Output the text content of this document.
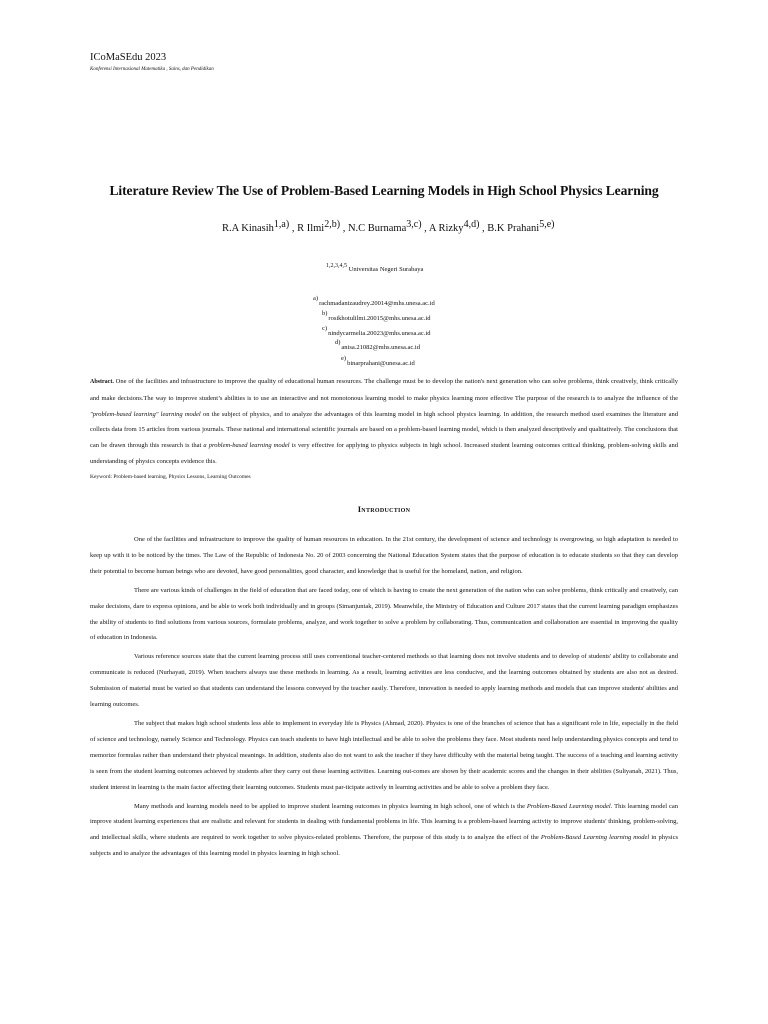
ICoMaSEdu 2023
Konferensi Internasional Matematika , Sains, dan Pendidikan
Literature Review The Use of Problem-Based Learning Models in High School Physics Learning
R.A Kinasih$^{1,a)}$ , R Ilmi$^{2,b)}$ , N.C Burnama$^{3,c)}$ , A Rizky$^{4,d)}$ , B.K Prahani$^{5,e)}$
$^{1,2,3,4,5}$ Universitas Negeri Surabaya
$^{a)}$rachmadanizaudrey.20014@mhs.unesa.ac.id
$^{b)}$rosikhotulilmi.20015@mhs.unesa.ac.id
$^{c)}$nindycarmelia.20023@mhs.unesa.ac.id
$^{d)}$anisa.21082@mhs.unesa.ac.id
$^{e)}$binarprahani@unesa.ac.id
Abstract. One of the facilities and infrastructure to improve the quality of educational human resources. The challenge must be to develop the nation's next generation who can solve problems, think creatively, think critically and make decisions.The way to improve student’s abilities is to use an interactive and not monotonous learning model to make physics learning more effective The purpose of the research is to analyze the influence of the "problem-based learning" learning model on the subject of physics, and to analyze the advantages of this learning model in high school physics learning. In addition, the research method used examines the literature and collects data from 15 articles from various journals. These national and international scientific journals are based on a problem-based learning model, which is then analyzed descriptively and qualitatively. The conclusions that can be drawn through this research is that a problem-based learning model is very effective for applying to physics subjects in high school. Increased student learning outcomes critical thinking, problem-solving skills and understanding of physics concepts evidence this.
Keyword: Problem-based learning, Physics Lessons, Learning Outcomes
Introduction

One of the facilities and infrastructure to improve the quality of human resources in education. In the 21st century, the development of science and technology is overgrowing, so high adaptation is needed to keep up with it to be noticed by the times. The Law of the Republic of Indonesia No. 20 of 2003 concerning the National Education System states that the purpose of education is to educate students so that they can develop their potential to become human beings who are devoted, have good personalities, good character, and knowledge that is useful for the homeland, nation, and religion.

There are various kinds of challenges in the field of education that are faced today, one of which is having to create the next generation of the nation who can solve problems, think critically and creatively, can make decisions, dare to express opinions, and be able to work both individually and in groups (Simanjuntak, 2019). Meanwhile, the Ministry of Education and Culture 2017 states that the current learning paradigm emphasizes the ability of students to find solutions from various sources, formulate problems, analyze, and work together to solve a problem by collaborating. Thus, communication and collaboration are essential in improving the quality of education in Indonesia.

Various reference sources state that the current learning process still uses conventional teacher-centered methods so that learning does not involve students and to develop of students' ability to collaborate and communicate is reduced (Nurhayati, 2019). When teachers always use these methods in learning. As a result, learning activities are less conducive, and the learning outcomes obtained by students are also not as desired. Submission of material must be varied so that students can understand the lessons conveyed by the teacher easily. Therefore, innovation is needed to apply learning methods and models that can improve students' abilities and learning outcomes.

The subject that makes high school students less able to implement in everyday life is Physics (Ahmad, 2020). Physics is one of the branches of science that has a significant role in life, especially in the field of science and technology, namely Science and Technology. Physics can teach students to have high intellectual and be able to solve the problems they face. Most students need help understanding physics concepts and tend to memorize formulas rather than understand their physical meanings. In addition, students also do not want to ask the teacher if they have difficulty with the material being taught. The success of a teaching and learning activity is seen from the student learning outcomes achieved by students after they carry out these learning activities. Learning out-comes are shown by their academic scores and the changes in their abilities (Suliyanah, 2021). Thus, student interest in learning is the main factor affecting their learning outcomes. Students must par-ticipate actively in learning activities and be able to solve a problem they face.

Many methods and learning models need to be applied to improve student learning outcomes in physics learning in high school, one of which is the Problem-Based Learning model. This learning model can improve student learning experiences that are realistic and relevant for students in dealing with fundamental problems in life. This learning is a problem-based learning activity to improve students' thinking, problem-solving, and intellectual skills, where students are required to work together to solve physics-related problems. Therefore, the purpose of this study is to analyze the effect of the Problem-Based Learning learning model in physics subjects and to analyze the advantages of this learning model in physics learning in high school.
